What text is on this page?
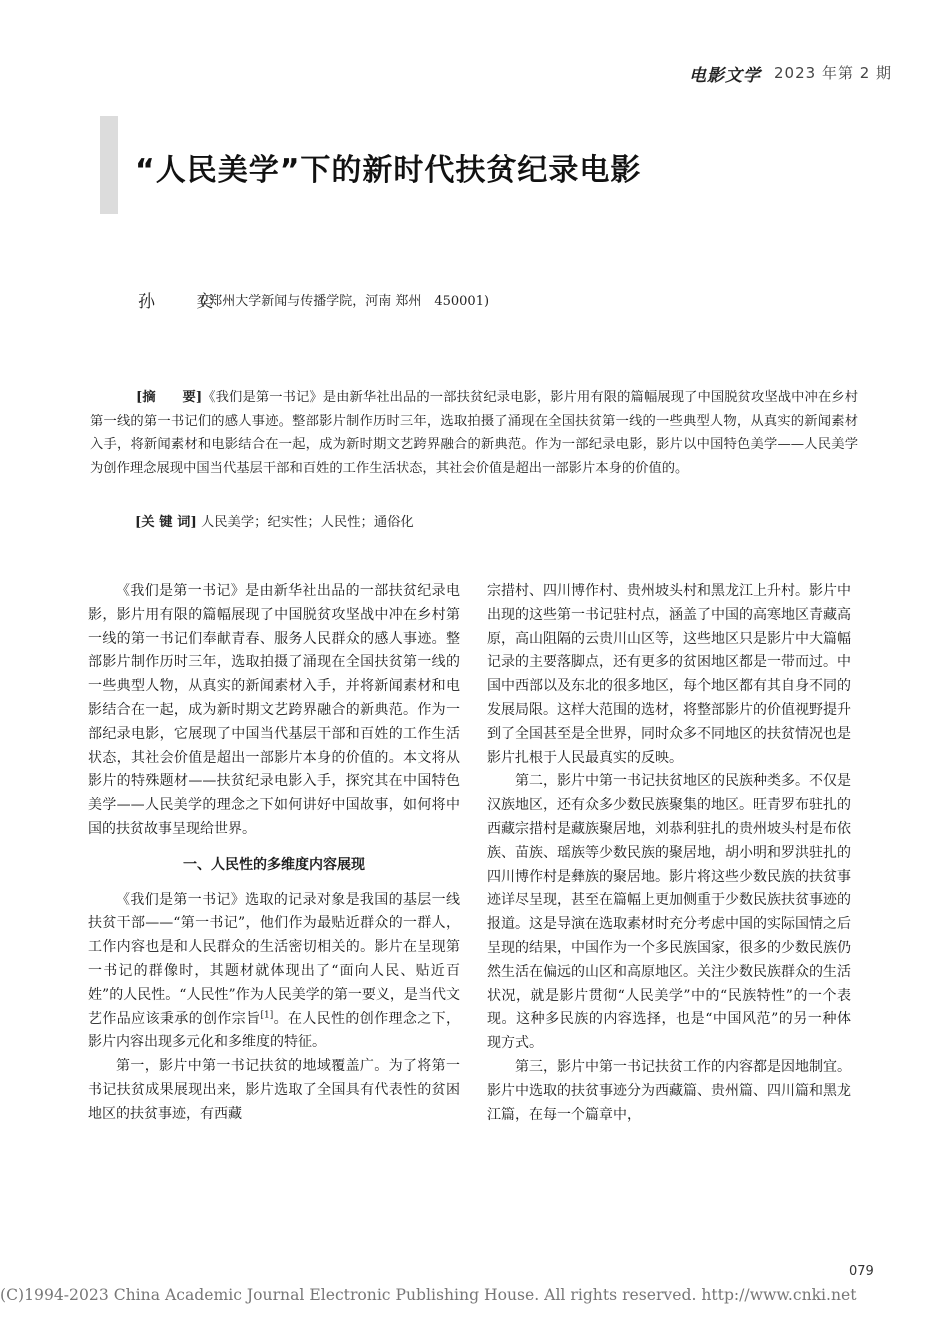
电影文学 2023 年第 2 期
“人民美学”下的新时代扶贫纪录电影
孙 奕
( 郑州大学新闻与传播学院，河南 郑州　450001)
[摘　　要]《我们是第一书记》是由新华社出品的一部扶贫纪录电影，影片用有限的篇幅展现了中国脱贫攻坚战中冲在乡村第一线的第一书记们的感人事迹。整部影片制作历时三年，选取拍摄了涌现在全国扶贫第一线的一些典型人物，从真实的新闻素材入手，将新闻素材和电影结合在一起，成为新时期文艺跨界融合的新典范。作为一部纪录电影，影片以中国特色美学——人民美学为创作理念展现中国当代基层干部和百姓的工作生活状态，其社会价值是超出一部影片本身的价值的。
[关 键 词] 人民美学；纪实性；人民性；通俗化

《我们是第一书记》是由新华社出品的一部扶贫纪录电影，影片用有限的篇幅展现了中国脱贫攻坚战中冲在乡村第一线的第一书记们奉献青春、服务人民群众的感人事迹。整部影片制作历时三年，选取拍摄了涌现在全国扶贫第一线的一些典型人物，从真实的新闻素材入手，并将新闻素材和电影结合在一起，成为新时期文艺跨界融合的新典范。作为一部纪录电影，它展现了中国当代基层干部和百姓的工作生活状态，其社会价值是超出一部影片本身的价值的。本文将从影片的特殊题材——扶贫纪录电影入手，探究其在中国特色美学——人民美学的理念之下如何讲好中国故事，如何将中国的扶贫故事呈现给世界。

一、人民性的多维度内容展现

《我们是第一书记》选取的记录对象是我国的基层一线扶贫干部——“第一书记”，他们作为最贴近群众的一群人，工作内容也是和人民群众的生活密切相关的。影片在呈现第一书记的群像时，其题材就体现出了“面向人民、贴近百姓”的人民性。“人民性”作为人民美学的第一要义，是当代文艺作品应该秉承的创作宗旨[1]。在人民性的创作理念之下，影片内容出现多元化和多维度的特征。

第一，影片中第一书记扶贫的地域覆盖广。为了将第一书记扶贫成果展现出来，影片选取了全国具有代表性的贫困地区的扶贫事迹，有西藏

宗措村、四川博作村、贵州坡头村和黑龙江上升村。影片中出现的这些第一书记驻村点，涵盖了中国的高寒地区青藏高原，高山阻隔的云贵川山区等，这些地区只是影片中大篇幅记录的主要落脚点，还有更多的贫困地区都是一带而过。中国中西部以及东北的很多地区，每个地区都有其自身不同的发展局限。这样大范围的选材，将整部影片的价值视野提升到了全国甚至是全世界，同时众多不同地区的扶贫情况也是影片扎根于人民最真实的反映。

第二，影片中第一书记扶贫地区的民族种类多。不仅是汉族地区，还有众多少数民族聚集的地区。旺青罗布驻扎的西藏宗措村是藏族聚居地，刘恭利驻扎的贵州坡头村是布依族、苗族、瑶族等少数民族的聚居地，胡小明和罗洪驻扎的四川博作村是彝族的聚居地。影片将这些少数民族的扶贫事迹详尽呈现，甚至在篇幅上更加侧重于少数民族扶贫事迹的报道。这是导演在选取素材时充分考虑中国的实际国情之后呈现的结果，中国作为一个多民族国家，很多的少数民族仍然生活在偏远的山区和高原地区。关注少数民族群众的生活状况，就是影片贯彻“人民美学”中的“民族特性”的一个表现。这种多民族的内容选择，也是“中国风范”的另一种体现方式。

第三，影片中第一书记扶贫工作的内容都是因地制宜。影片中选取的扶贫事迹分为西藏篇、贵州篇、四川篇和黑龙江篇，在每一个篇章中，

079
(C)1994-2023 China Academic Journal Electronic Publishing House. All rights reserved. http://www.cnki.net
